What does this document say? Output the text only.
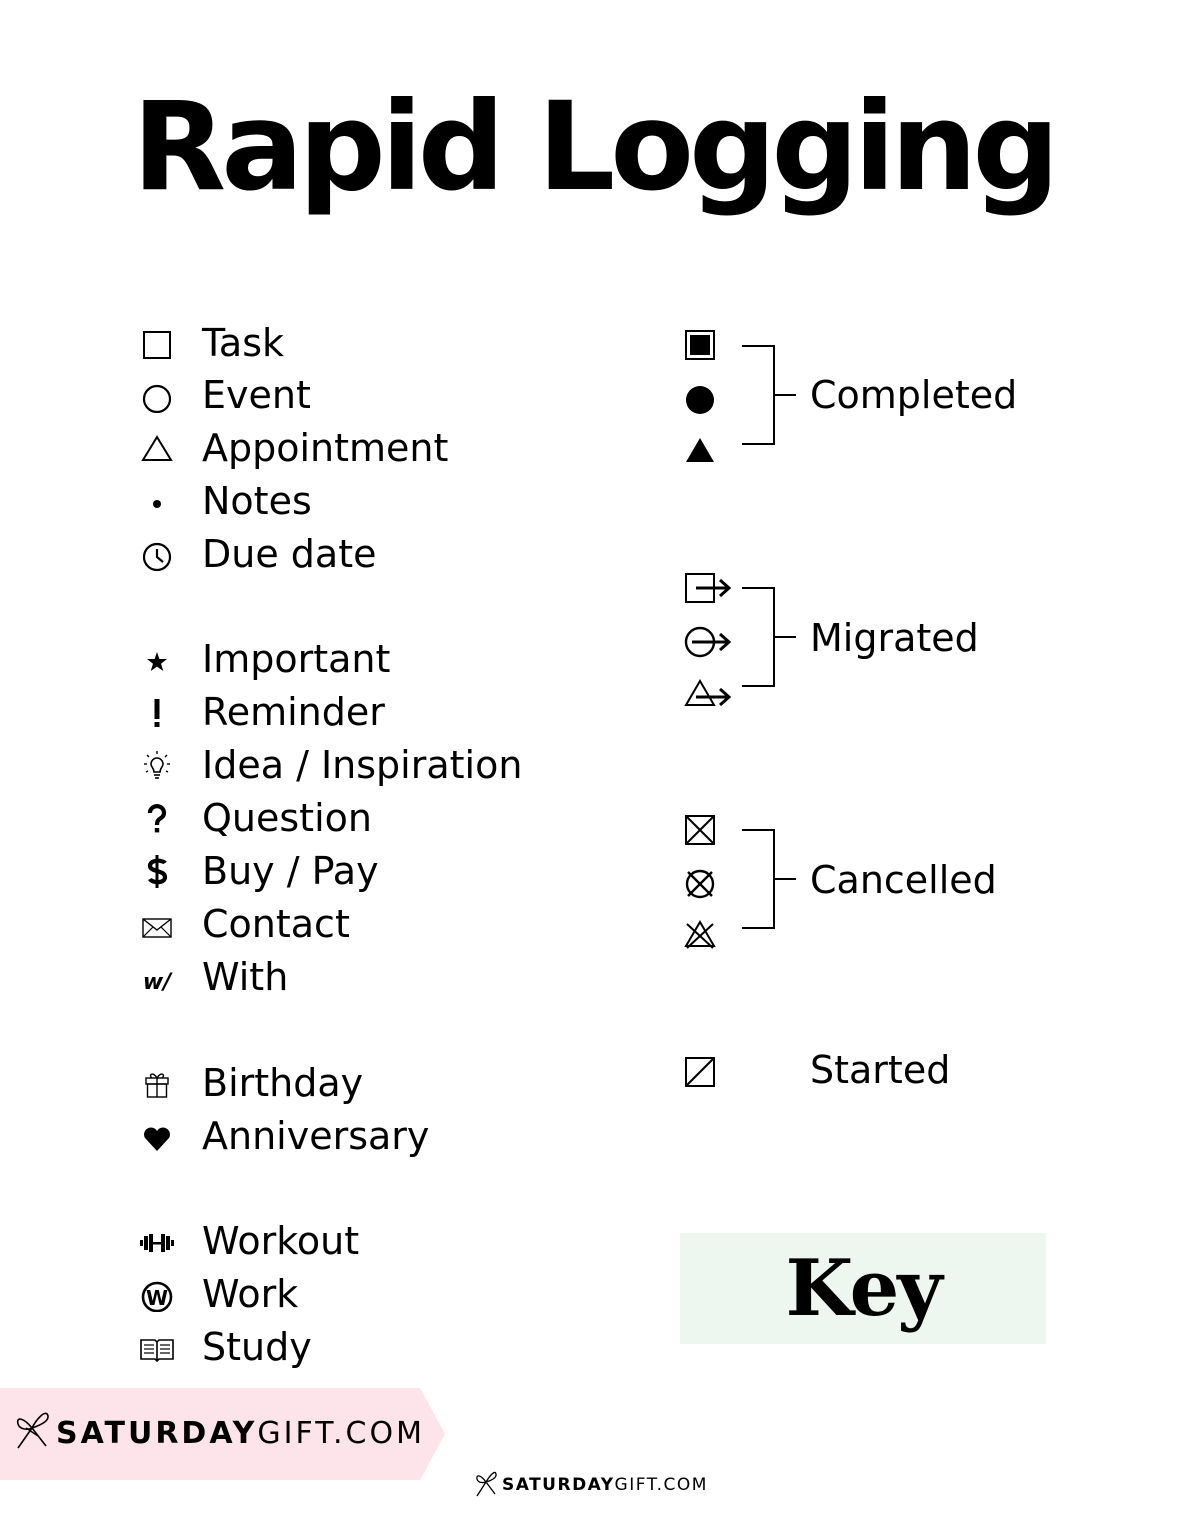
Rapid Logging
Task
Event
Appointment
Notes
Due date
Important
Reminder
Idea / Inspiration
Question
Buy / Pay
Contact
w/ With
Birthday
Anniversary
Workout
W Work
Study
Completed
Migrated
Cancelled
Started
Key
SATURDAYGIFT.COM
SATURDAYGIFT.COM
